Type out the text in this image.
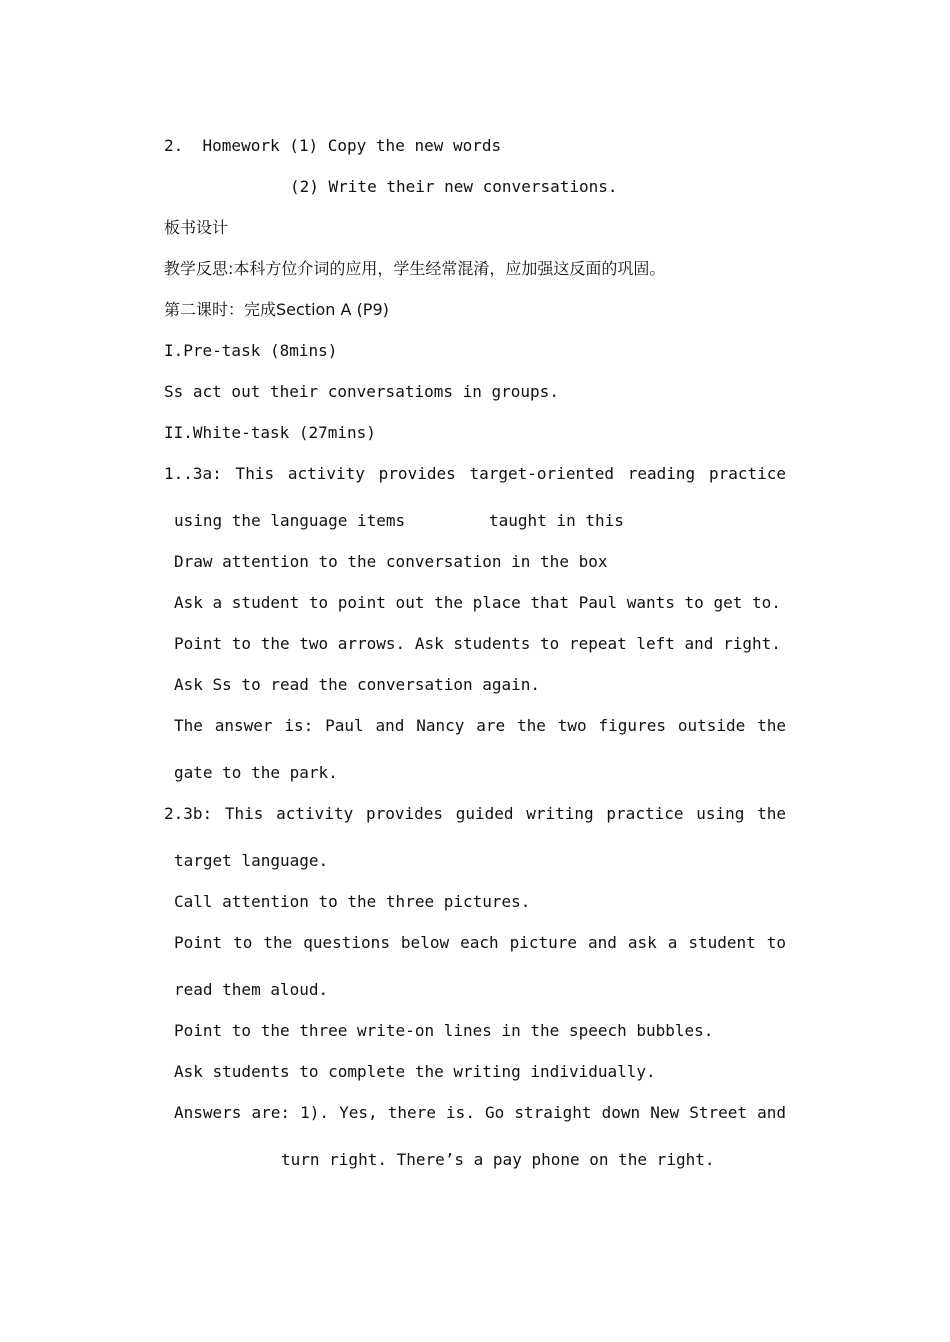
2.  Homework (1) Copy the new words
(2) Write their new conversations.
板书设计
教学反思:本科方位介词的应用，学生经常混淆，应加强这反面的巩固。
第二课时：完成Section A (P9)
I.Pre-task (8mins)
Ss act out their conversatioms in groups.
II.White-task (27mins)
1..3a: This activity provides target-oriented reading practice
using the language items	taught in this
Draw attention to the conversation in the box
Ask a student to point out the place that Paul wants to get to.
Point to the two arrows. Ask students to repeat left and right.
Ask Ss to read the conversation again.
The answer is: Paul and Nancy are the two figures outside the
gate to the park.
2.3b: This activity provides guided writing practice using the
target language.
Call attention to the three pictures.
Point to the questions below each picture and ask a student to
read them aloud.
Point to the three write-on lines in the speech bubbles.
Ask students to complete the writing individually.
Answers are: 1). Yes, there is. Go straight down New Street and
turn right. There’s a pay phone on the right.
